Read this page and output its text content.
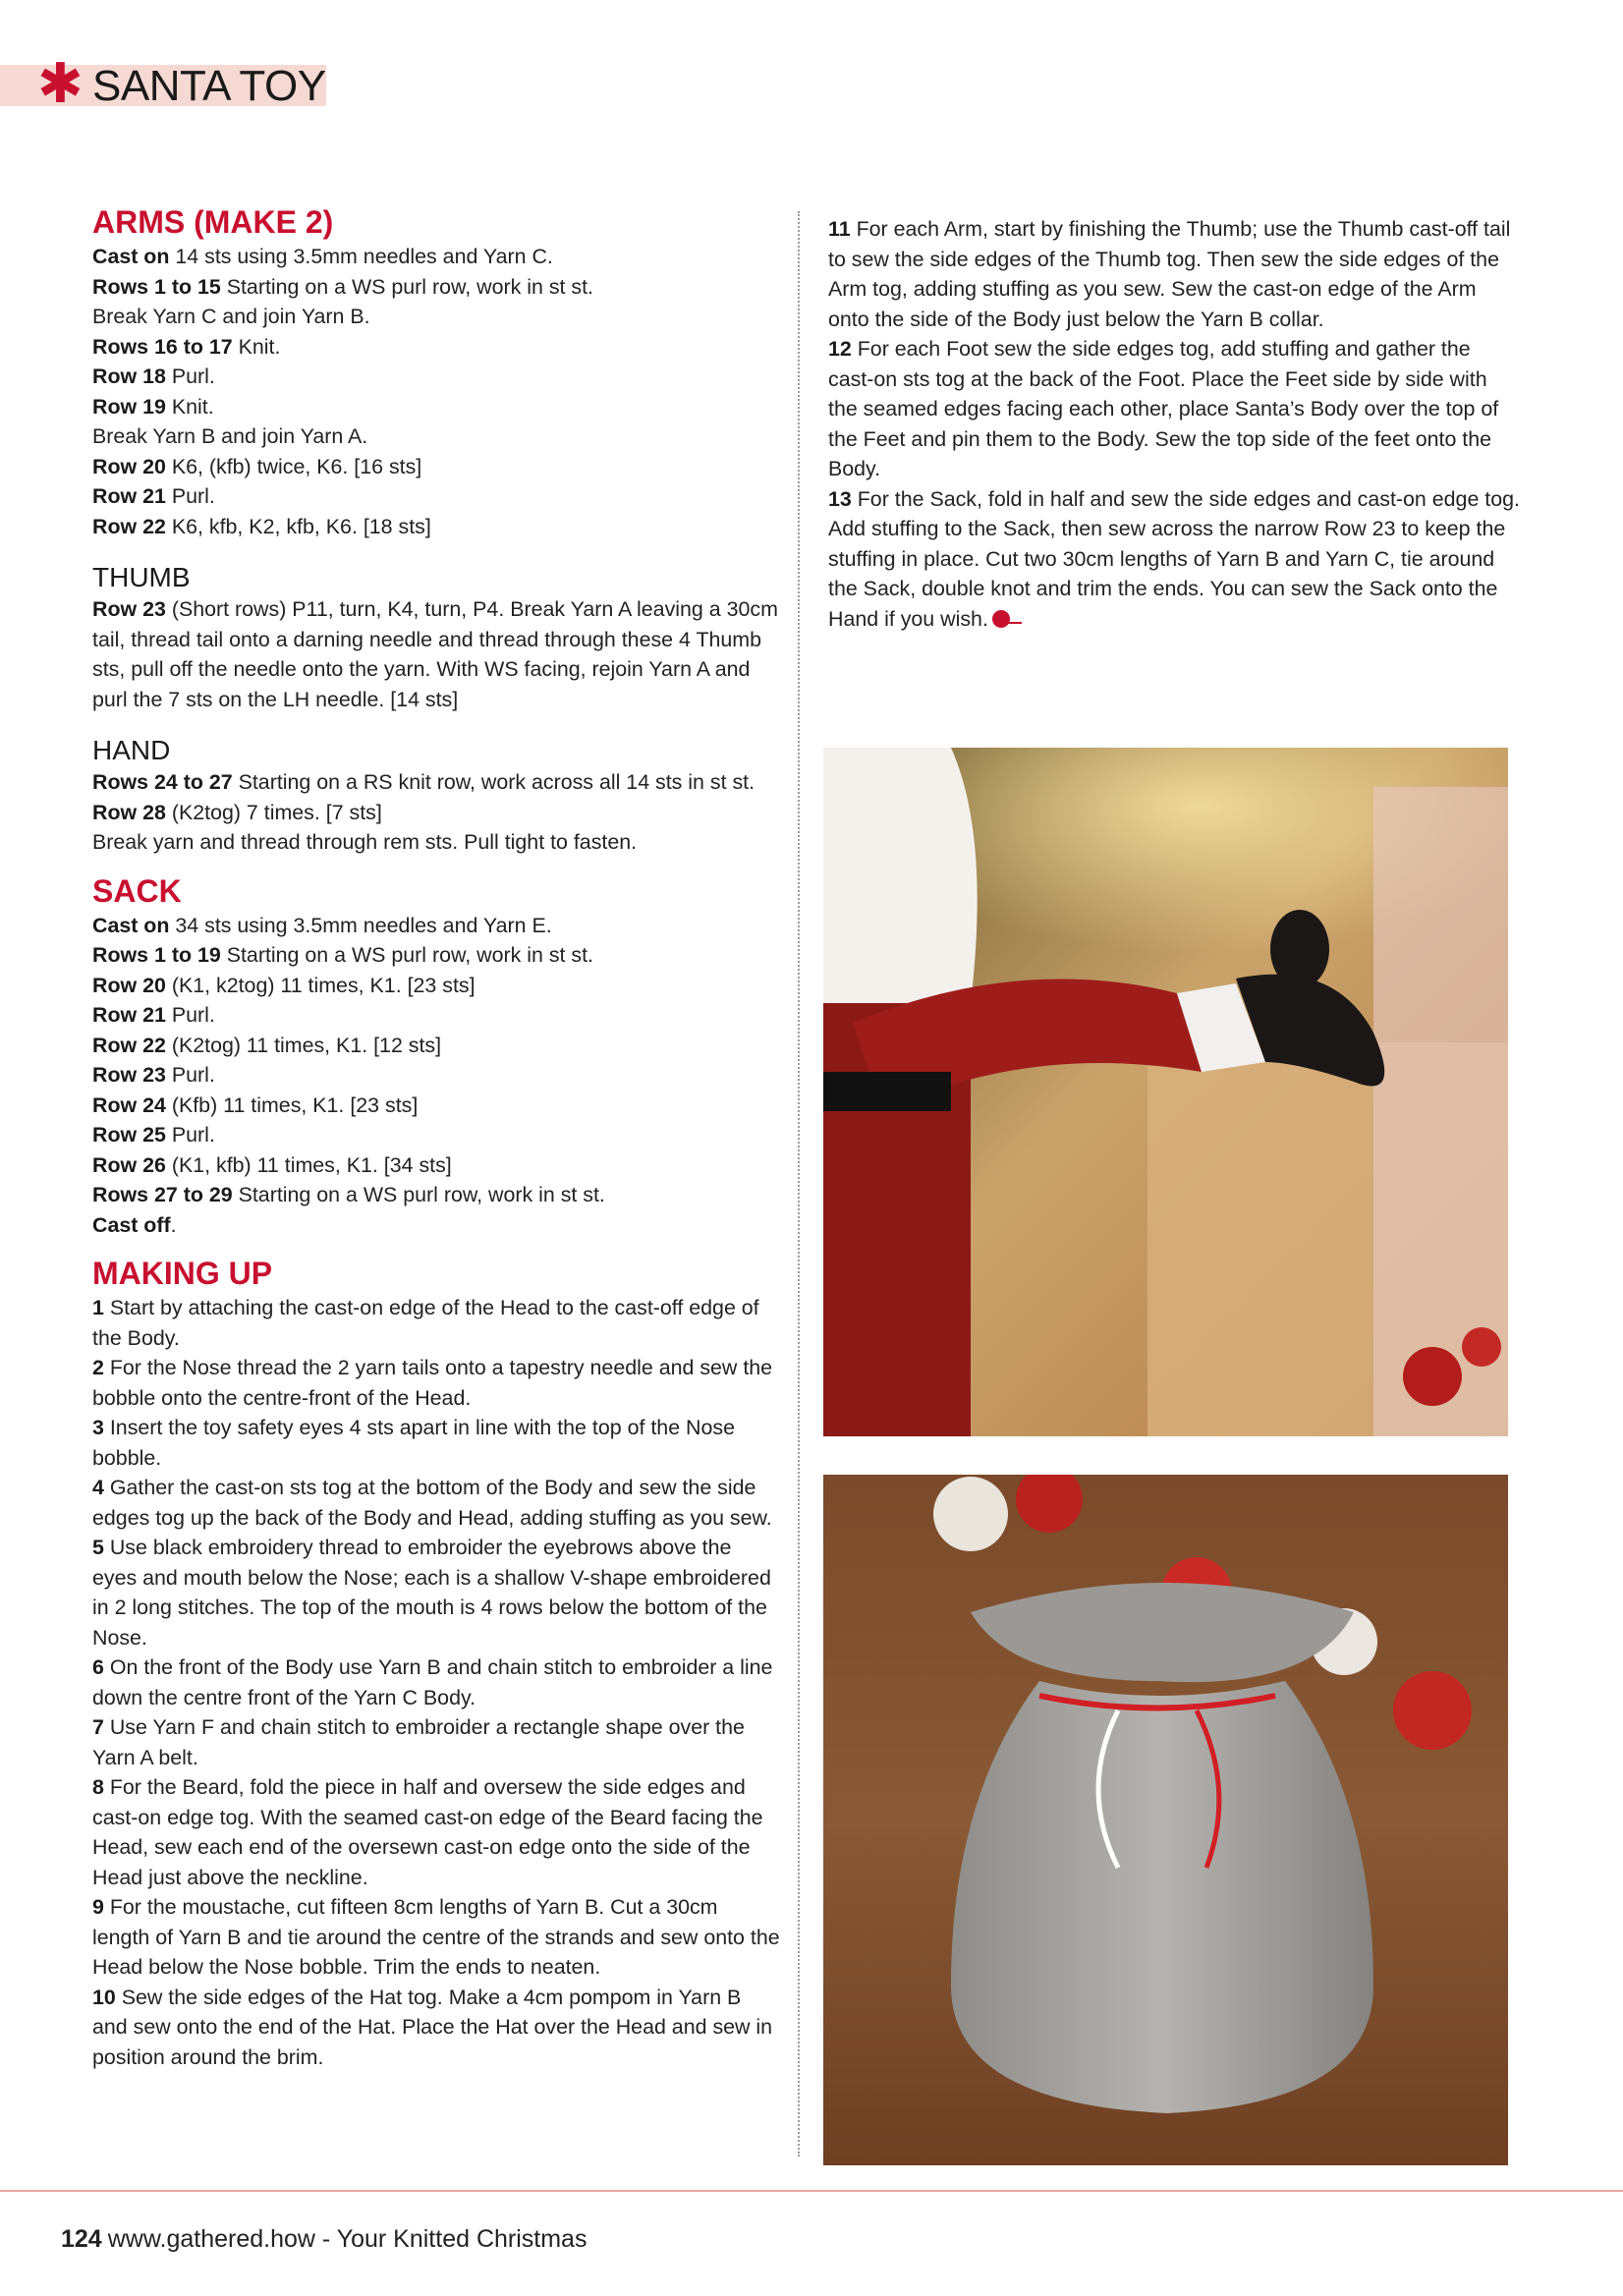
✱ SANTA TOY
ARMS (MAKE 2)
Cast on 14 sts using 3.5mm needles and Yarn C.
Rows 1 to 15 Starting on a WS purl row, work in st st.
Break Yarn C and join Yarn B.
Rows 16 to 17 Knit.
Row 18 Purl.
Row 19 Knit.
Break Yarn B and join Yarn A.
Row 20 K6, (kfb) twice, K6. [16 sts]
Row 21 Purl.
Row 22 K6, kfb, K2, kfb, K6. [18 sts]
THUMB
Row 23 (Short rows) P11, turn, K4, turn, P4. Break Yarn A leaving a 30cm tail, thread tail onto a darning needle and thread through these 4 Thumb sts, pull off the needle onto the yarn. With WS facing, rejoin Yarn A and purl the 7 sts on the LH needle. [14 sts]
HAND
Rows 24 to 27 Starting on a RS knit row, work across all 14 sts in st st.
Row 28 (K2tog) 7 times. [7 sts]
Break yarn and thread through rem sts. Pull tight to fasten.
SACK
Cast on 34 sts using 3.5mm needles and Yarn E.
Rows 1 to 19 Starting on a WS purl row, work in st st.
Row 20 (K1, k2tog) 11 times, K1. [23 sts]
Row 21 Purl.
Row 22 (K2tog) 11 times, K1. [12 sts]
Row 23 Purl.
Row 24 (Kfb) 11 times, K1. [23 sts]
Row 25 Purl.
Row 26 (K1, kfb) 11 times, K1. [34 sts]
Rows 27 to 29 Starting on a WS purl row, work in st st.
Cast off.
MAKING UP
1 Start by attaching the cast-on edge of the Head to the cast-off edge of the Body.
2 For the Nose thread the 2 yarn tails onto a tapestry needle and sew the bobble onto the centre-front of the Head.
3 Insert the toy safety eyes 4 sts apart in line with the top of the Nose bobble.
4 Gather the cast-on sts tog at the bottom of the Body and sew the side edges tog up the back of the Body and Head, adding stuffing as you sew.
5 Use black embroidery thread to embroider the eyebrows above the eyes and mouth below the Nose; each is a shallow V-shape embroidered in 2 long stitches. The top of the mouth is 4 rows below the bottom of the Nose.
6 On the front of the Body use Yarn B and chain stitch to embroider a line down the centre front of the Yarn C Body.
7 Use Yarn F and chain stitch to embroider a rectangle shape over the Yarn A belt.
8 For the Beard, fold the piece in half and oversew the side edges and cast-on edge tog. With the seamed cast-on edge of the Beard facing the Head, sew each end of the oversewn cast-on edge onto the side of the Head just above the neckline.
9 For the moustache, cut fifteen 8cm lengths of Yarn B. Cut a 30cm length of Yarn B and tie around the centre of the strands and sew onto the Head below the Nose bobble. Trim the ends to neaten.
10 Sew the side edges of the Hat tog. Make a 4cm pompom in Yarn B and sew onto the end of the Hat. Place the Hat over the Head and sew in position around the brim.
11 For each Arm, start by finishing the Thumb; use the Thumb cast-off tail to sew the side edges of the Thumb tog. Then sew the side edges of the Arm tog, adding stuffing as you sew. Sew the cast-on edge of the Arm onto the side of the Body just below the Yarn B collar.
12 For each Foot sew the side edges tog, add stuffing and gather the cast-on sts tog at the back of the Foot. Place the Feet side by side with the seamed edges facing each other, place Santa’s Body over the top of the Feet and pin them to the Body. Sew the top side of the feet onto the Body.
13 For the Sack, fold in half and sew the side edges and cast-on edge tog. Add stuffing to the Sack, then sew across the narrow Row 23 to keep the stuffing in place. Cut two 30cm lengths of Yarn B and Yarn C, tie around the Sack, double knot and trim the ends. You can sew the Sack onto the Hand if you wish.
124 www.gathered.how - Your Knitted Christmas
